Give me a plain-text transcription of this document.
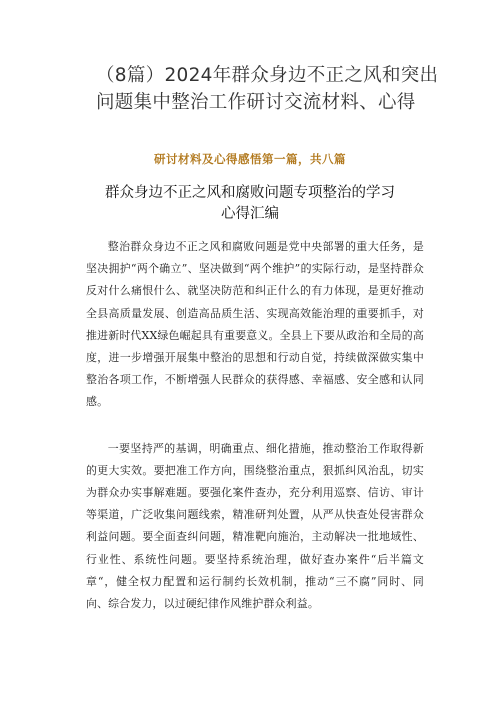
（8篇）2024年群众身边不正之风和突出问题集中整治工作研讨交流材料、心得
研讨材料及心得感悟第一篇，共八篇
群众身边不正之风和腐败问题专项整治的学习
心得汇编

整治群众身边不正之风和腐败问题是党中央部署的重大任务，是坚决拥护“两个确立”、坚决做到“两个维护”的实际行动，是坚持群众反对什么痛恨什么、就坚决防范和纠正什么的有力体现，是更好推动全县高质量发展、创造高品质生活、实现高效能治理的重要抓手，对推进新时代XX绿色崛起具有重要意义。全县上下要从政治和全局的高度，进一步增强开展集中整治的思想和行动自觉，持续做深做实集中整治各项工作，不断增强人民群众的获得感、幸福感、安全感和认同感。

一要坚持严的基调，明确重点、细化措施，推动整治工作取得新的更大实效。要把准工作方向，围绕整治重点，狠抓纠风治乱，切实为群众办实事解难题。要强化案件查办，充分利用巡察、信访、审计等渠道，广泛收集问题线索，精准研判处置，从严从快查处侵害群众利益问题。要全面查纠问题，精准靶向施治，主动解决一批地域性、行业性、系统性问题。要坚持系统治理，做好查办案件“后半篇文章“，健全权力配置和运行制约长效机制，推动“三不腐”同时、同向、综合发力，以过硬纪律作风维护群众利益。
